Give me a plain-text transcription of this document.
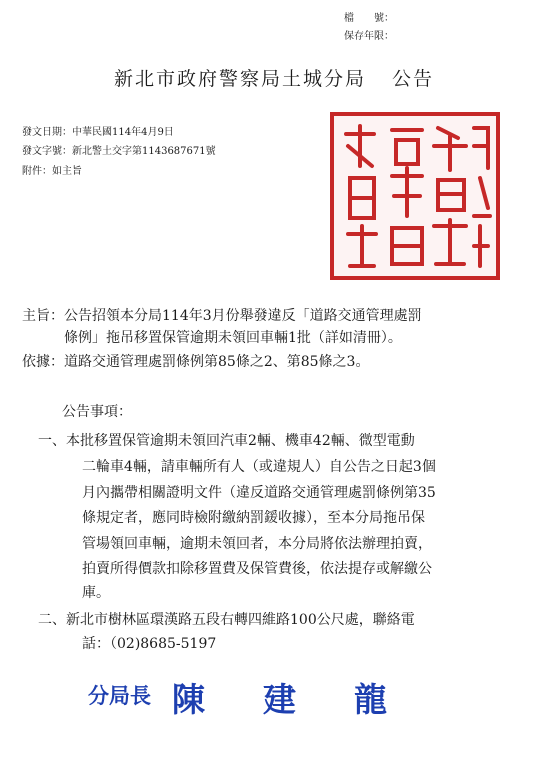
檔　　號：
保存年限：
新北市政府警察局土城分局 公告
發文日期：中華民國114年4月9日
發文字號：新北警土交字第1143687671號
附件：如主旨
主旨：公告招領本分局114年3月份舉發違反「道路交通管理處罰
條例」拖吊移置保管逾期未領回車輛1批（詳如清冊）。
依據：道路交通管理處罰條例第85條之2、第85條之3。
公告事項：
一、本批移置保管逾期未領回汽車2輛、機車42輛、微型電動
二輪車4輛，請車輛所有人（或違規人）自公告之日起3個
月內攜帶相關證明文件（違反道路交通管理處罰條例第35
條規定者，應同時檢附繳納罰鍰收據），至本分局拖吊保
管場領回車輛，逾期未領回者，本分局將依法辦理拍賣，
拍賣所得價款扣除移置費及保管費後，依法提存或解繳公
庫。
二、新北市樹林區環漢路五段右轉四維路100公尺處，聯絡電
話：（02)8685-5197
分局長 陳建龍
